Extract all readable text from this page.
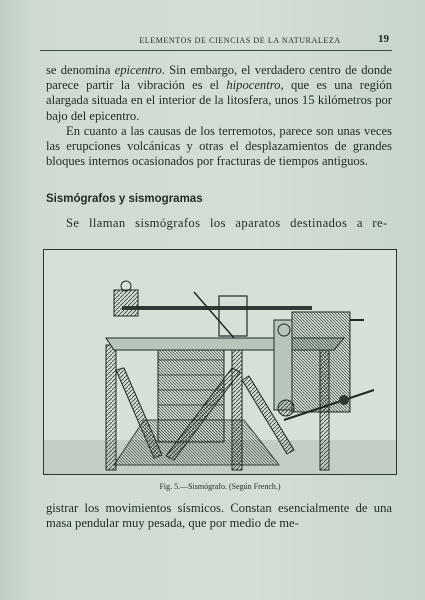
ELEMENTOS DE CIENCIAS DE LA NATURALEZA	19

se denomina epicentro. Sin embargo, el verdadero centro de donde parece partir la vibración es el hipocentro, que es una región alargada situada en el interior de la litosfera, unos 15 kilómetros por bajo del epicentro.

En cuanto a las causas de los terremotos, parece son unas veces las erupciones volcánicas y otras el desplazamientos de grandes bloques internos ocasionados por fracturas de tiempos antiguos.

Sismógrafos y sismogramas

Se llaman sismógrafos los aparatos destinados a re-

Fig. 5.—Sismógrafo. (Según French.)

gistrar los movimientos sísmicos. Constan esencialmente de una masa pendular muy pesada, que por medio de me-
